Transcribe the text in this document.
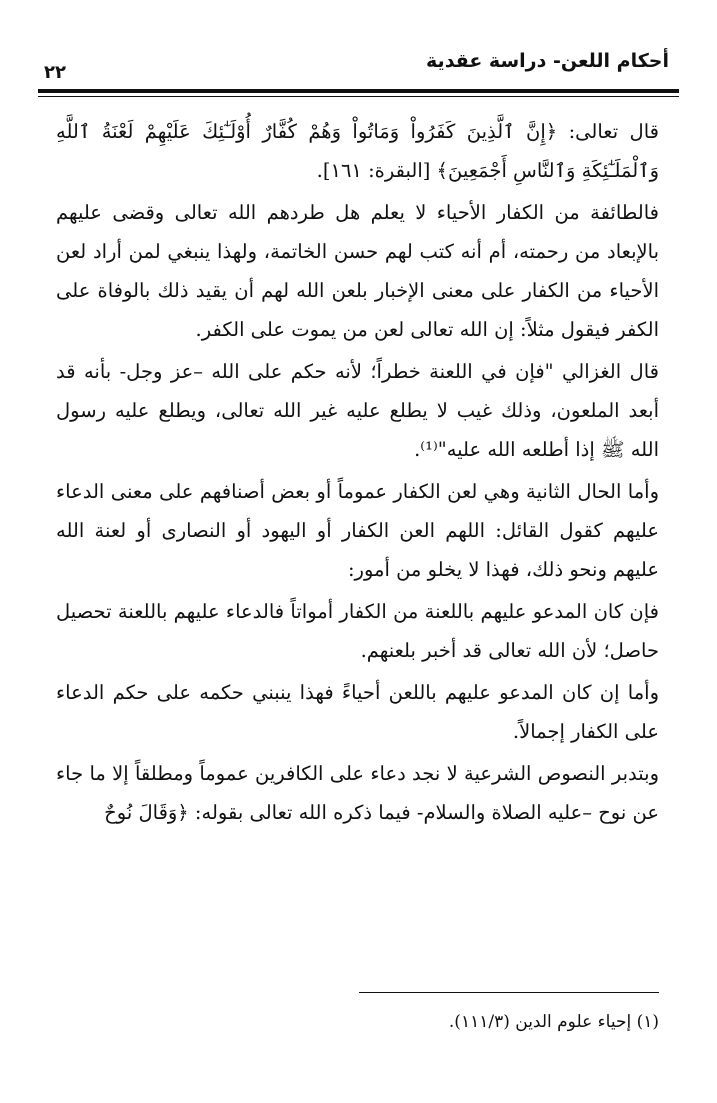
أحكام اللعن- دراسة عقدية
٢٢

قال تعالى: ﴿إِنَّ ٱلَّذِينَ كَفَرُواْ وَمَاتُواْ وَهُمْ كُفَّارٌ أُوْلَـٰٓئِكَ عَلَيْهِمْ لَعْنَةُ ٱللَّهِ وَٱلْمَلَـٰٓئِكَةِ وَٱلنَّاسِ أَجْمَعِينَ﴾ [البقرة: ١٦١].

فالطائفة من الكفار الأحياء لا يعلم هل طردهم الله تعالى وقضى عليهم بالإبعاد من رحمته، أم أنه كتب لهم حسن الخاتمة، ولهذا ينبغي لمن أراد لعن الأحياء من الكفار على معنى الإخبار بلعن الله لهم أن يقيد ذلك بالوفاة على الكفر فيقول مثلاً: إن الله تعالى لعن من يموت على الكفر.

قال الغزالي "فإن في اللعنة خطراً؛ لأنه حكم على الله –عز وجل- بأنه قد أبعد الملعون، وذلك غيب لا يطلع عليه غير الله تعالى، ويطلع عليه رسول الله ﷺ إذا أطلعه الله عليه"⁽¹⁾.

وأما الحال الثانية وهي لعن الكفار عموماً أو بعض أصنافهم على معنى الدعاء عليهم كقول القائل: اللهم العن الكفار أو اليهود أو النصارى أو لعنة الله عليهم ونحو ذلك، فهذا لا يخلو من أمور:

فإن كان المدعو عليهم باللعنة من الكفار أمواتاً فالدعاء عليهم باللعنة تحصيل حاصل؛ لأن الله تعالى قد أخبر بلعنهم.

وأما إن كان المدعو عليهم باللعن أحياءً فهذا ينبني حكمه على حكم الدعاء على الكفار إجمالاً.

وبتدبر النصوص الشرعية لا نجد دعاء على الكافرين عموماً ومطلقاً إلا ما جاء عن نوح –عليه الصلاة والسلام- فيما ذكره الله تعالى بقوله: ﴿وَقَالَ نُوحٌ

(١) إحياء علوم الدين (١١١/٣).
